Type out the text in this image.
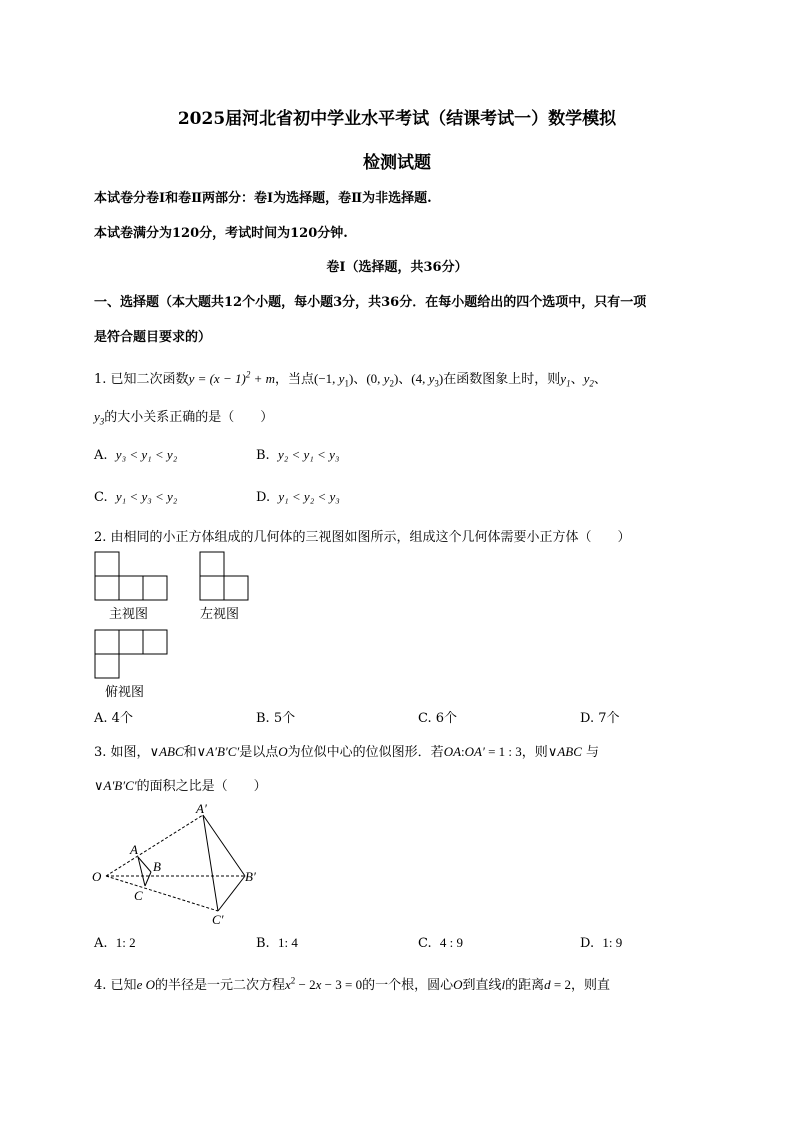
2025届河北省初中学业水平考试（结课考试一）数学模拟
检测试题
本试卷分卷Ⅰ和卷Ⅱ两部分：卷Ⅰ为选择题，卷Ⅱ为非选择题.
本试卷满分为120分，考试时间为120分钟.
卷Ⅰ（选择题，共36分）
一、选择题（本大题共12个小题，每小题3分，共36分．在每小题给出的四个选项中，只有一项
是符合题目要求的）
1. 已知二次函数$y = (x - 1)^2 + m$，当点(−1, $y_1$)、(0, $y_2$)、(4, $y_3$)在函数图象上时，则$y_1$、$y_2$、
$y_3$的大小关系正确的是（　　）
A. y₃ < y₁ < y₂	B. y₂ < y₁ < y₃
C. y₁ < y₃ < y₂	D. y₁ < y₂ < y₃
2. 由相同的小正方体组成的几何体的三视图如图所示，组成这个几何体需要小正方体（　　）
主视图	左视图
俯视图
A. 4个	B. 5个	C. 6个	D. 7个
3. 如图，∨ABC和∨A′B′C′是以点O为位似中心的位似图形．若OA:OA′ = 1 : 3，则∨ABC 与
∨A′B′C′的面积之比是（　　）
O
A
B
C
A′
B′
C′
A. 1: 2	B. 1: 4	C. 4 : 9	D. 1: 9
4. 已知e O的半径是一元二次方程$x^2 - 2x - 3 = 0$的一个根，圆心O到直线l的距离d = 2，则直
